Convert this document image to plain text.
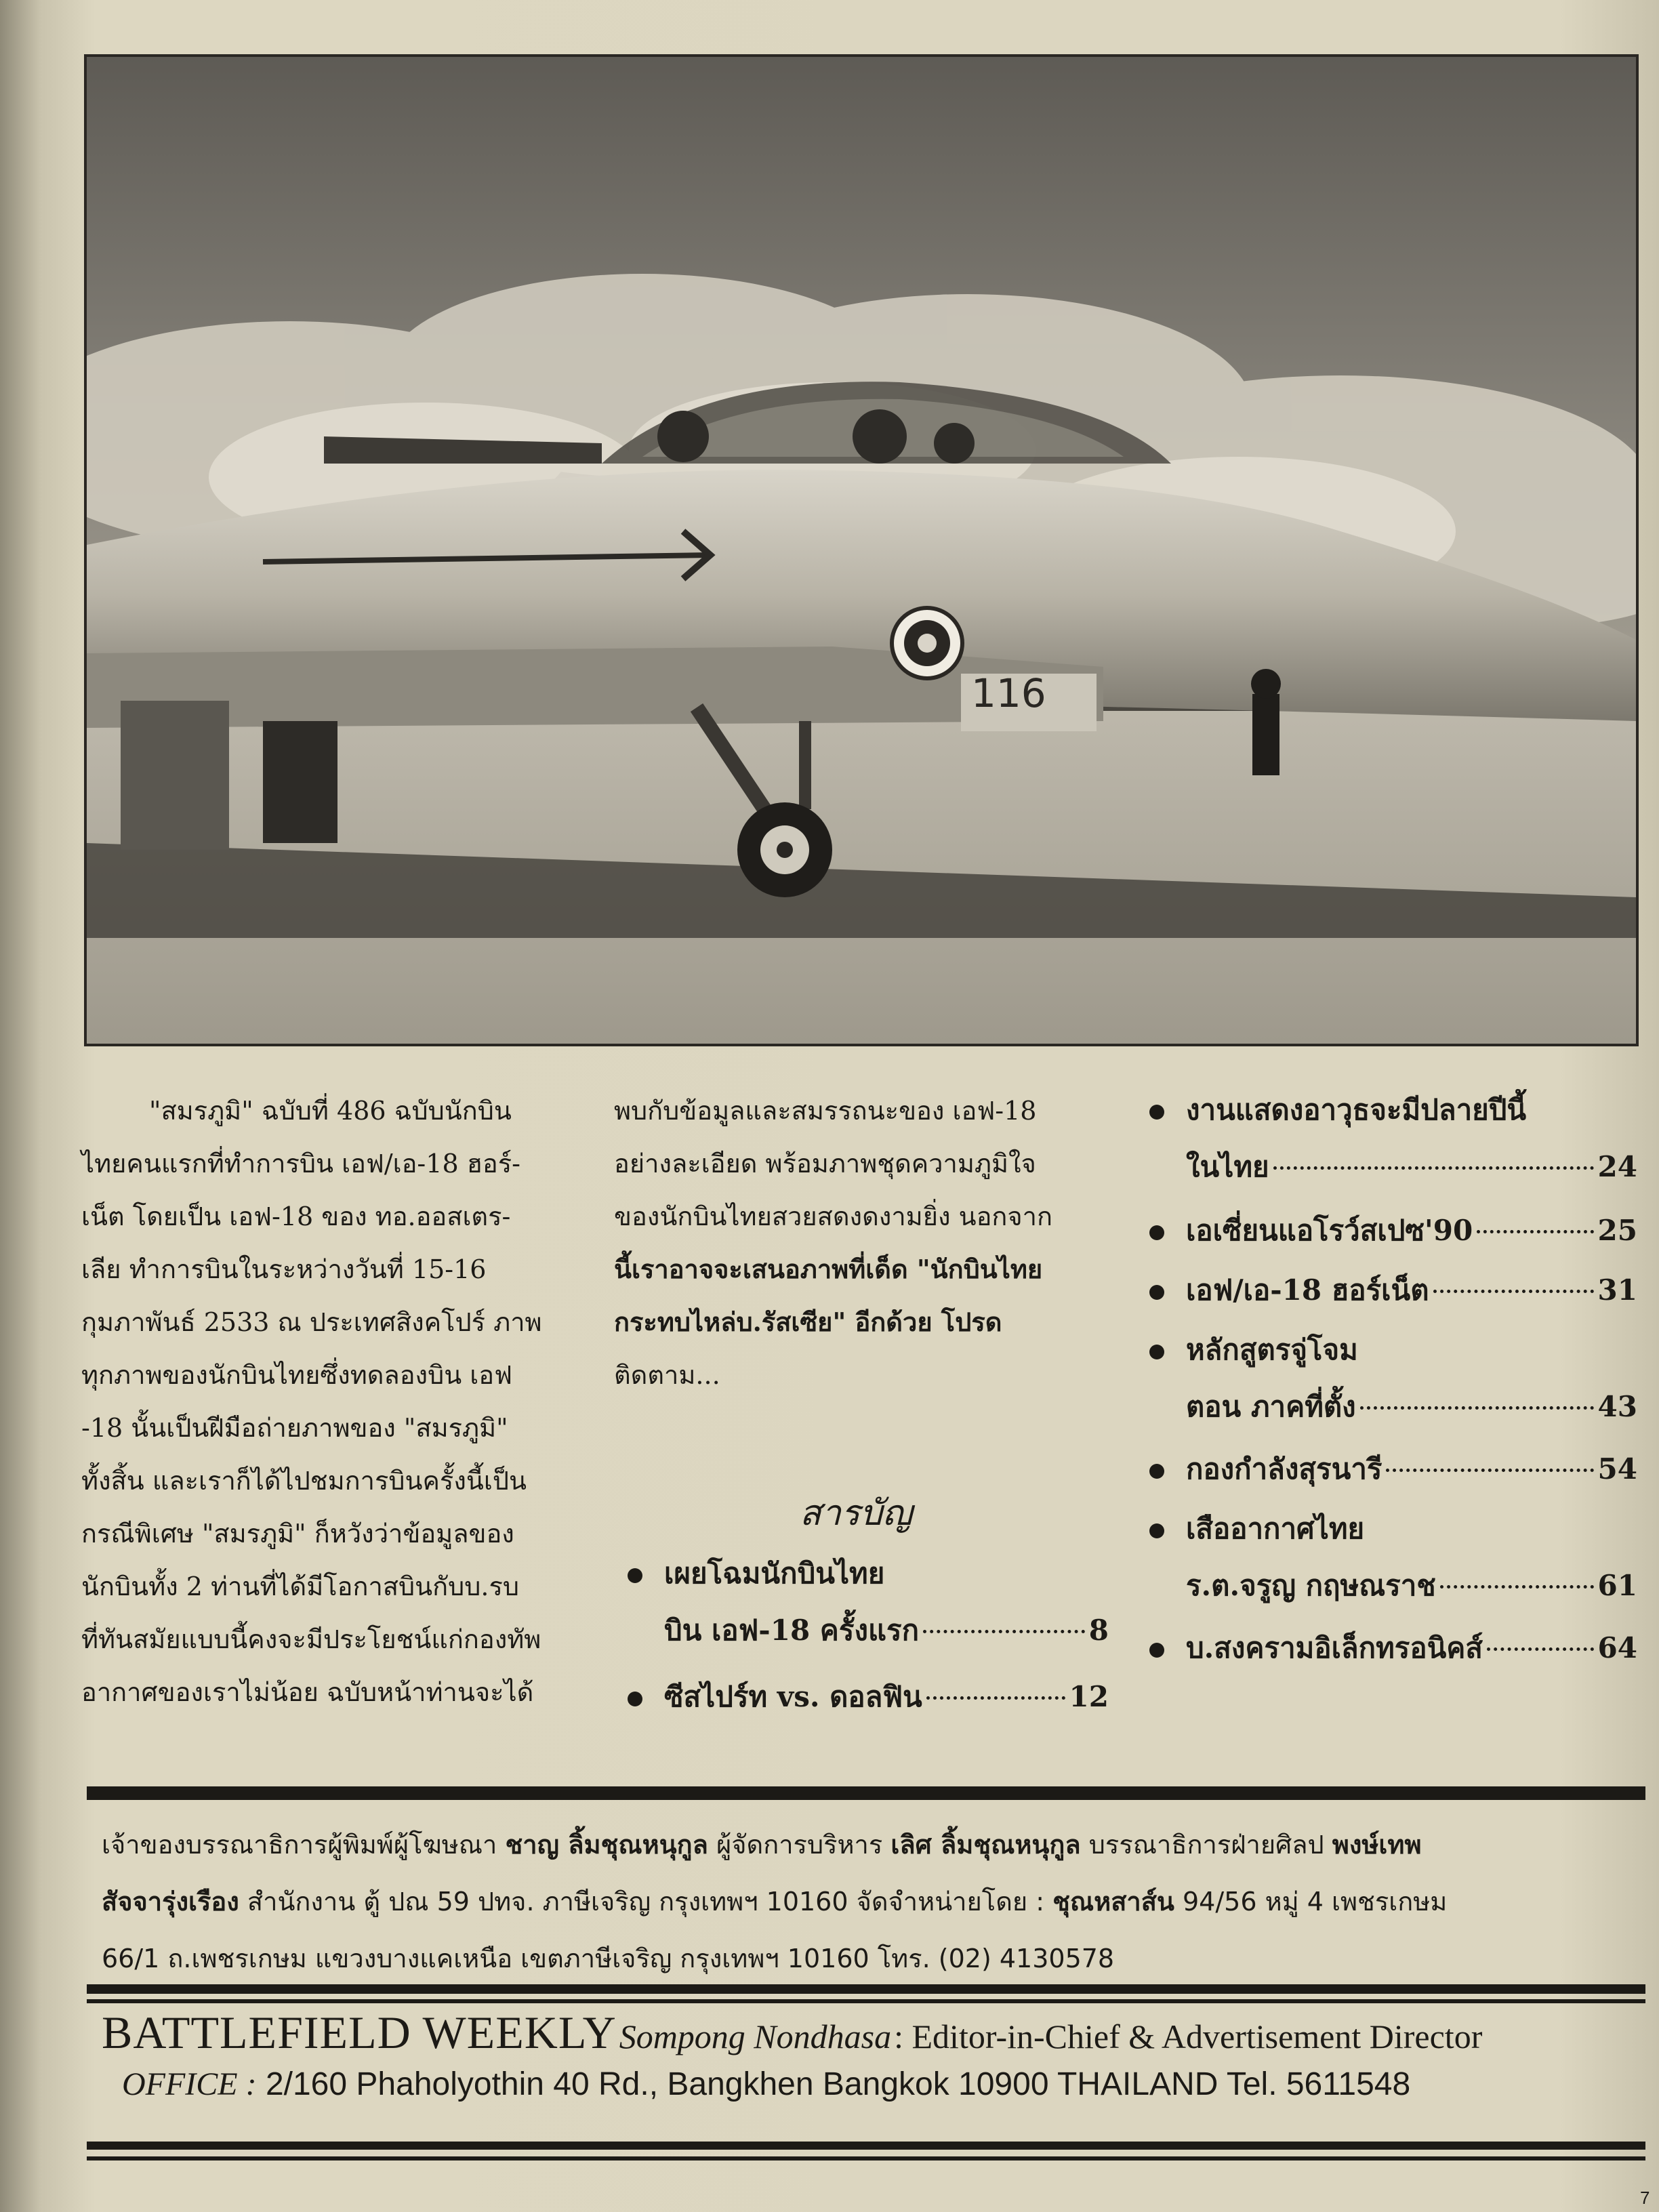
116

"สมรภูมิ" ฉบับที่ 486 ฉบับนักบิน

ไทยคนแรกที่ทำการบิน เอฟ/เอ-18 ฮอร์-

เน็ต โดยเป็น เอฟ-18 ของ ทอ.ออสเตร-

เลีย ทำการบินในระหว่างวันที่ 15-16

กุมภาพันธ์ 2533 ณ ประเทศสิงคโปร์ ภาพ

ทุกภาพของนักบินไทยซึ่งทดลองบิน เอฟ

-18 นั้นเป็นฝีมือถ่ายภาพของ "สมรภูมิ"

ทั้งสิ้น และเราก็ได้ไปชมการบินครั้งนี้เป็น

กรณีพิเศษ "สมรภูมิ" ก็หวังว่าข้อมูลของ

นักบินทั้ง 2 ท่านที่ได้มีโอกาสบินกับบ.รบ

ที่ทันสมัยแบบนี้คงจะมีประโยชน์แก่กองทัพ

อากาศของเราไม่น้อย ฉบับหน้าท่านจะได้

พบกับข้อมูลและสมรรถนะของ เอฟ-18

อย่างละเอียด พร้อมภาพชุดความภูมิใจ

ของนักบินไทยสวยสดงดงามยิ่ง นอกจาก

นี้เราอาจจะเสนอภาพที่เด็ด "นักบินไทย

กระทบไหล่บ.รัสเซีย" อีกด้วย โปรด

ติดตาม...

สารบัญ
เผยโฉมนักบินไทย
บิน เอฟ-18 ครั้งแรก	8
ซีสไปร์ท vs. ดอลฟิน	12
งานแสดงอาวุธจะมีปลายปีนี้
ในไทย	24
เอเซี่ยนแอโรว์สเปซ'90	25
เอฟ/เอ-18 ฮอร์เน็ต	31
หลักสูตรจู่โจม
ตอน ภาคที่ตั้ง	43
กองกำลังสุรนารี	54
เสืออากาศไทย
ร.ต.จรูญ กฤษณราช	61
บ.สงครามอิเล็กทรอนิคส์	64
เจ้าของบรรณาธิการผู้พิมพ์ผู้โฆษณา ชาญ ลิ้มชุณหนุกูล ผู้จัดการบริหาร เลิศ ลิ้มชุณหนุกูล บรรณาธิการฝ่ายศิลป พงษ์เทพ
สัจจารุ่งเรือง สำนักงาน ตู้ ปณ 59 ปทจ. ภาษีเจริญ กรุงเทพฯ 10160 จัดจำหน่ายโดย : ชุณหสาส์น 94/56 หมู่ 4 เพชรเกษม
66/1 ถ.เพชรเกษม แขวงบางแคเหนือ เขตภาษีเจริญ กรุงเทพฯ 10160 โทร. (02) 4130578
BATTLEFIELD WEEKLY Sompong Nondhasa : Editor-in-Chief & Advertisement Director
OFFICE : 2/160 Phaholyothin 40 Rd., Bangkhen Bangkok 10900 THAILAND Tel. 5611548
7
